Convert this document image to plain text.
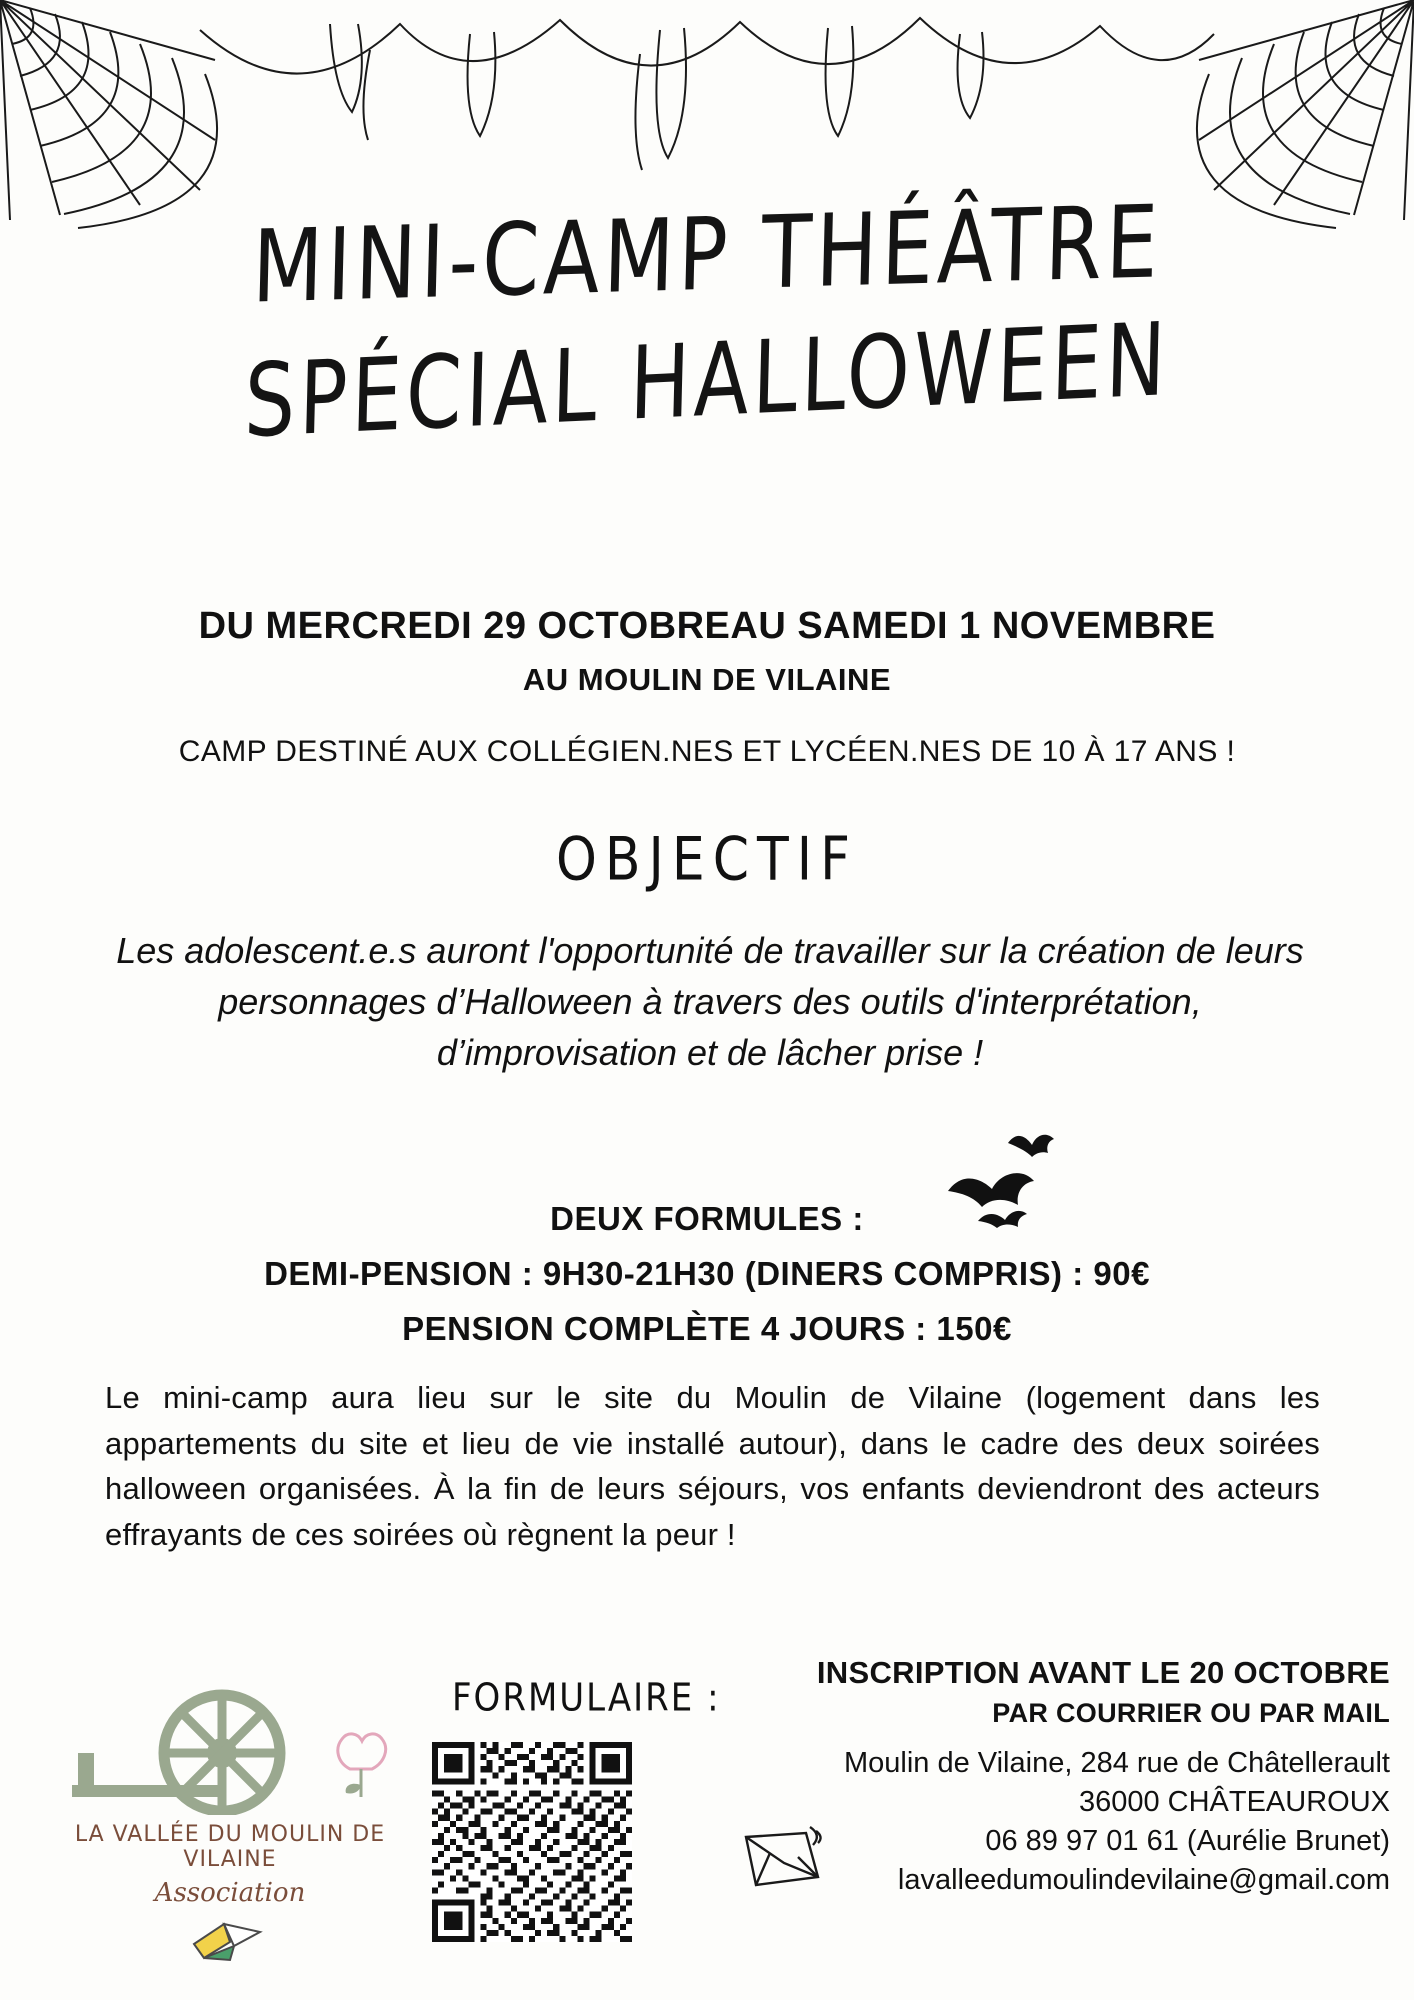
MINI-CAMP THÉÂTRE
SPÉCIAL HALLOWEEN
DU MERCREDI 29 OCTOBREAU SAMEDI 1 NOVEMBRE
AU MOULIN DE VILAINE
CAMP DESTINÉ AUX COLLÉGIEN.NES ET LYCÉEN.NES DE 10 À 17 ANS !
OBJECTIF
Les adolescent.e.s auront l'opportunité de travailler sur la création de leurs personnages d’Halloween à travers des outils d'interprétation, d’improvisation et de lâcher prise !
DEUX FORMULES :
DEMI-PENSION : 9H30-21H30 (DINERS COMPRIS) : 90€
PENSION COMPLÈTE 4 JOURS : 150€
Le mini-camp aura lieu sur le site du Moulin de Vilaine (logement dans les appartements du site et lieu de vie installé autour), dans le cadre des deux soirées halloween organisées. À la fin de leurs séjours, vos enfants deviendront des acteurs effrayants de ces soirées où règnent la peur !
LA VALLÉE DU MOULIN DE VILAINE
Association
FORMULAIRE :
INSCRIPTION AVANT LE 20 OCTOBRE
PAR COURRIER OU PAR MAIL
Moulin de Vilaine, 284 rue de Châtellerault
36000 CHÂTEAUROUX
06 89 97 01 61 (Aurélie Brunet)
lavalleedumoulindevilaine@gmail.com
